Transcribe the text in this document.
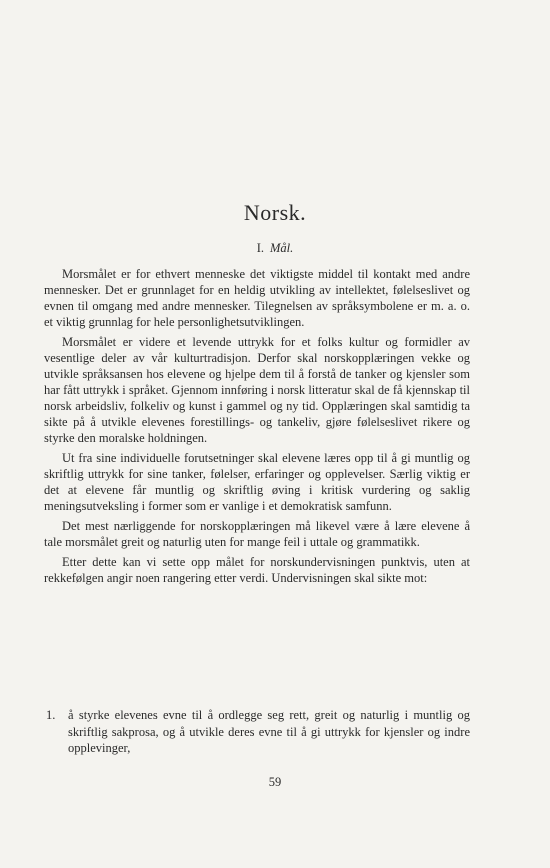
Norsk.
I. Mål.

Morsmålet er for ethvert menneske det viktigste middel til kontakt med andre mennesker. Det er grunnlaget for en heldig utvikling av intellektet, følelseslivet og evnen til omgang med andre mennesker. Tilegnelsen av språksymbolene er m. a. o. et viktig grunnlag for hele personlighetsutviklingen.

Morsmålet er videre et levende uttrykk for et folks kultur og formidler av vesentlige deler av vår kulturtradisjon. Derfor skal norskopplæringen vekke og utvikle språksansen hos elevene og hjelpe dem til å forstå de tanker og kjensler som har fått uttrykk i språket. Gjennom innføring i norsk litteratur skal de få kjennskap til norsk arbeidsliv, folkeliv og kunst i gammel og ny tid. Opplæringen skal samtidig ta sikte på å utvikle elevenes forestillings- og tankeliv, gjøre følelseslivet rikere og styrke den moralske holdningen.

Ut fra sine individuelle forutsetninger skal elevene læres opp til å gi muntlig og skriftlig uttrykk for sine tanker, følelser, erfaringer og opplevelser. Særlig viktig er det at elevene får muntlig og skriftlig øving i kritisk vurdering og saklig meningsutveksling i former som er vanlige i et demokratisk samfunn.

Det mest nærliggende for norskopplæringen må likevel være å lære elevene å tale morsmålet greit og naturlig uten for mange feil i uttale og grammatikk.

Etter dette kan vi sette opp målet for norskundervisningen punktvis, uten at rekkefølgen angir noen rangering etter verdi. Undervisningen skal sikte mot:

1.	å styrke elevenes evne til å ordlegge seg rett, greit og naturlig i muntlig og skriftlig sakprosa, og å utvikle deres evne til å gi uttrykk for kjensler og indre opplevinger,
59
